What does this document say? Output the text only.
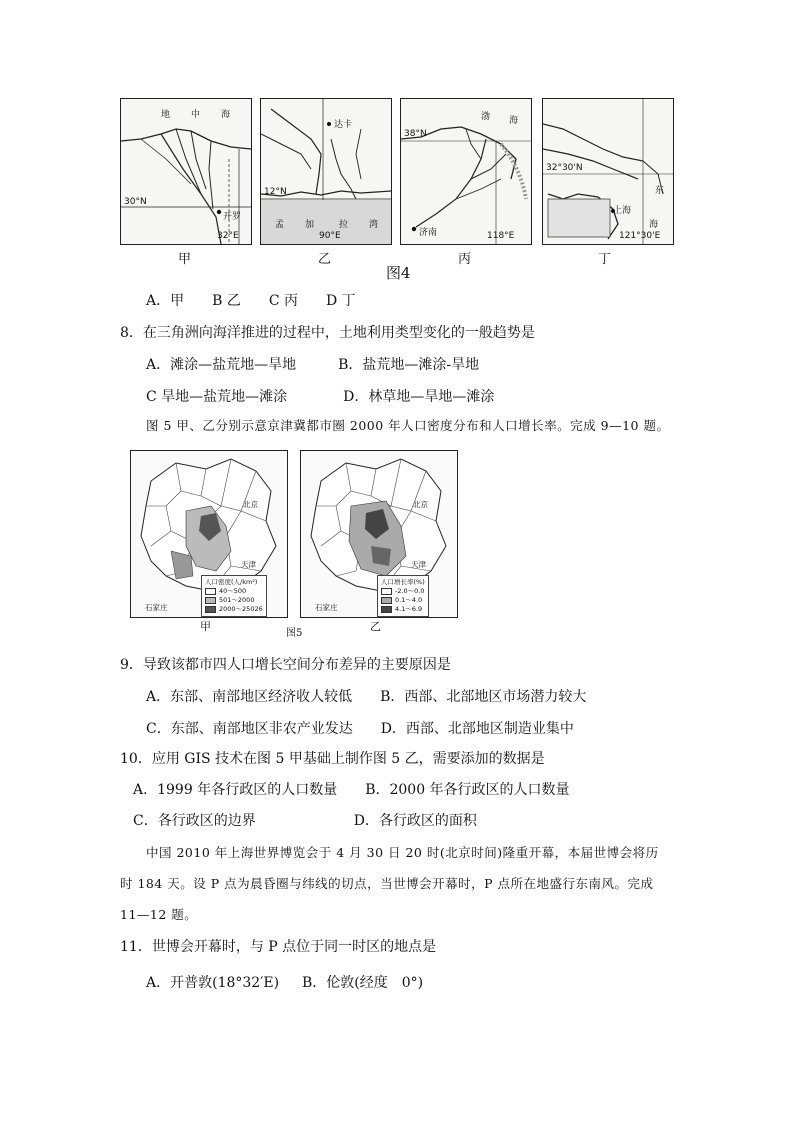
地 中 海
30°N
开罗
32°E
甲
达卡
12°N
孟 加	拉 湾
90°E
乙
渤 海
38°N
济南	118°E
丙
32°30'N
东
上海
海
121°30'E
丁
图4
A．甲　　B 乙　　C 丙　　D 丁
8．在三角洲向海洋推进的过程中，土地利用类型变化的一般趋势是
A．滩涂—盐荒地—旱地　　　B．盐荒地—滩涂-旱地
C 旱地—盐荒地—滩涂　　　　D．林草地—旱地—滩涂
图 5 甲、乙分别示意京津冀都市圈 2000 年人口密度分布和人口增长率。完成 9—10 题。
北京
天津
石家庄
人口密度(人/km²)
40～500
501～2000
2000～25026
甲
北京
天津
石家庄
人口增长率(%)
-2.0～0.0
0.1～4.0
4.1～6.9
乙
图5
9．导致该都市四人口增长空间分布差异的主要原因是
A．东部、南部地区经济收人较低　　B．西部、北部地区市场潜力较大
C．东部、南部地区非农产业发达　　D．西部、北部地区制造业集中
10．应用 GIS 技术在图 5 甲基础上制作图 5 乙，需要添加的数据是
A．1999 年各行政区的人口数量　　B．2000 年各行政区的人口数量
C．各行政区的边界　　　　　　　D．各行政区的面积
中国 2010 年上海世界博览会于 4 月 30 日 20 时(北京时间)隆重开幕，本届世博会将历
时 184 天。设 P 点为晨昏圈与纬线的切点，当世博会开幕时，P 点所在地盛行东南风。完成
11—12 题。
11．世博会开幕时，与 P 点位于同一时区的地点是
A．开普敦(18°32′E) B．伦敦(经度　0°)
